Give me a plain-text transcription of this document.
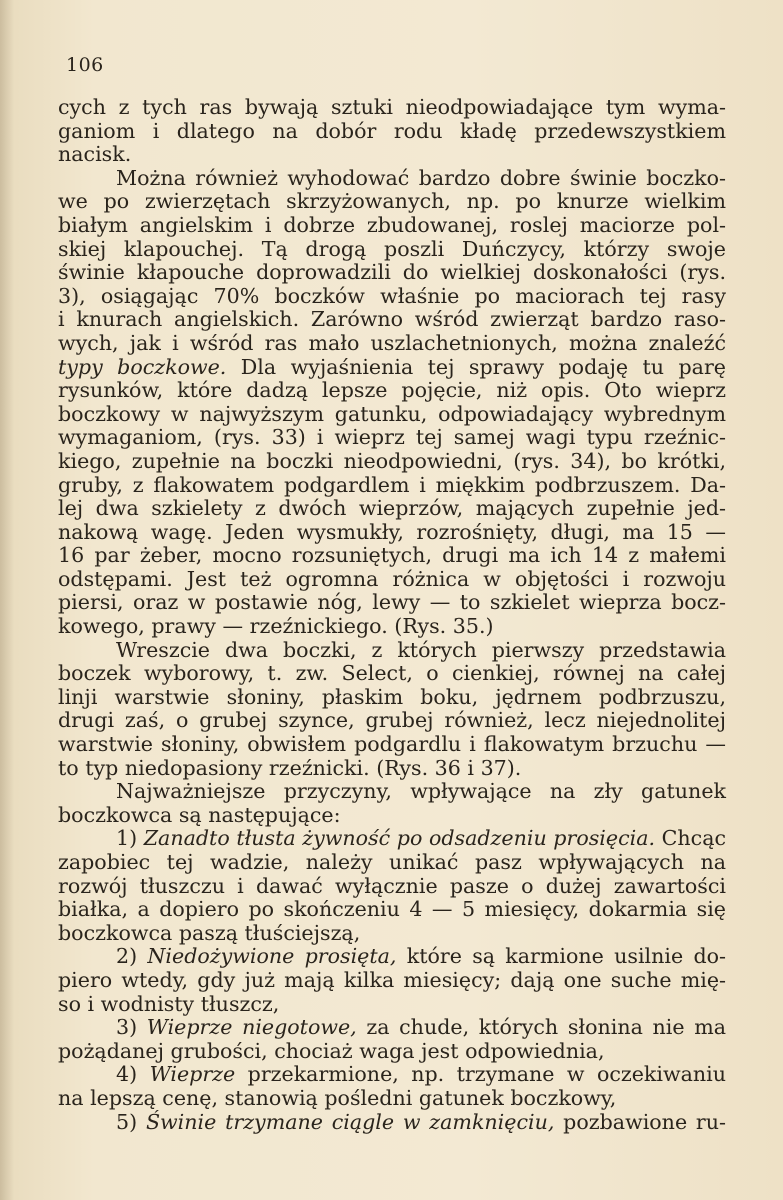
106
cych z tych ras bywają sztuki nieodpowiadające tym wyma-
ganiom i dlatego na dobór rodu kładę przedewszystkiem
nacisk.
Można również wyhodować bardzo dobre świnie boczko-
we po zwierzętach skrzyżowanych, np. po knurze wielkim
białym angielskim i dobrze zbudowanej, roslej maciorze pol-
skiej klapouchej. Tą drogą poszli Duńczycy, którzy swoje
świnie kłapouche doprowadzili do wielkiej doskonałości (rys.
3), osiągając 70% boczków właśnie po maciorach tej rasy
i knurach angielskich. Zarówno wśród zwierząt bardzo raso-
wych, jak i wśród ras mało uszlachetnionych, można znaleźć
typy boczkowe. Dla wyjaśnienia tej sprawy podaję tu parę
rysunków, które dadzą lepsze pojęcie, niż opis. Oto wieprz
boczkowy w najwyższym gatunku, odpowiadający wybrednym
wymaganiom, (rys. 33) i wieprz tej samej wagi typu rzeźnic-
kiego, zupełnie na boczki nieodpowiedni, (rys. 34), bo krótki,
gruby, z flakowatem podgardlem i miękkim podbrzuszem. Da-
lej dwa szkielety z dwóch wieprzów, mających zupełnie jed-
nakową wagę. Jeden wysmukły, rozrośnięty, długi, ma 15 —
16 par żeber, mocno rozsuniętych, drugi ma ich 14 z małemi
odstępami. Jest też ogromna różnica w objętości i rozwoju
piersi, oraz w postawie nóg, lewy — to szkielet wieprza bocz-
kowego, prawy — rzeźnickiego. (Rys. 35.)
Wreszcie dwa boczki, z których pierwszy przedstawia
boczek wyborowy, t. zw. Select, o cienkiej, równej na całej
linji warstwie słoniny, płaskim boku, jędrnem podbrzuszu,
drugi zaś, o grubej szynce, grubej również, lecz niejednolitej
warstwie słoniny, obwisłem podgardlu i flakowatym brzuchu —
to typ niedopasiony rzeźnicki. (Rys. 36 i 37).
Najważniejsze przyczyny, wpływające na zły gatunek
boczkowca są następujące:
1) Zanadto tłusta żywność po odsadzeniu prosięcia. Chcąc
zapobiec tej wadzie, należy unikać pasz wpływających na
rozwój tłuszczu i dawać wyłącznie pasze o dużej zawartości
białka, a dopiero po skończeniu 4 — 5 miesięcy, dokarmia się
boczkowca paszą tłuściejszą,
2) Niedożywione prosięta, które są karmione usilnie do-
piero wtedy, gdy już mają kilka miesięcy; dają one suche mię-
so i wodnisty tłuszcz,
3) Wieprze niegotowe, za chude, których słonina nie ma
pożądanej grubości, chociaż waga jest odpowiednia,
4) Wieprze przekarmione, np. trzymane w oczekiwaniu
na lepszą cenę, stanowią pośledni gatunek boczkowy,
5) Świnie trzymane ciągle w zamknięciu, pozbawione ru-
